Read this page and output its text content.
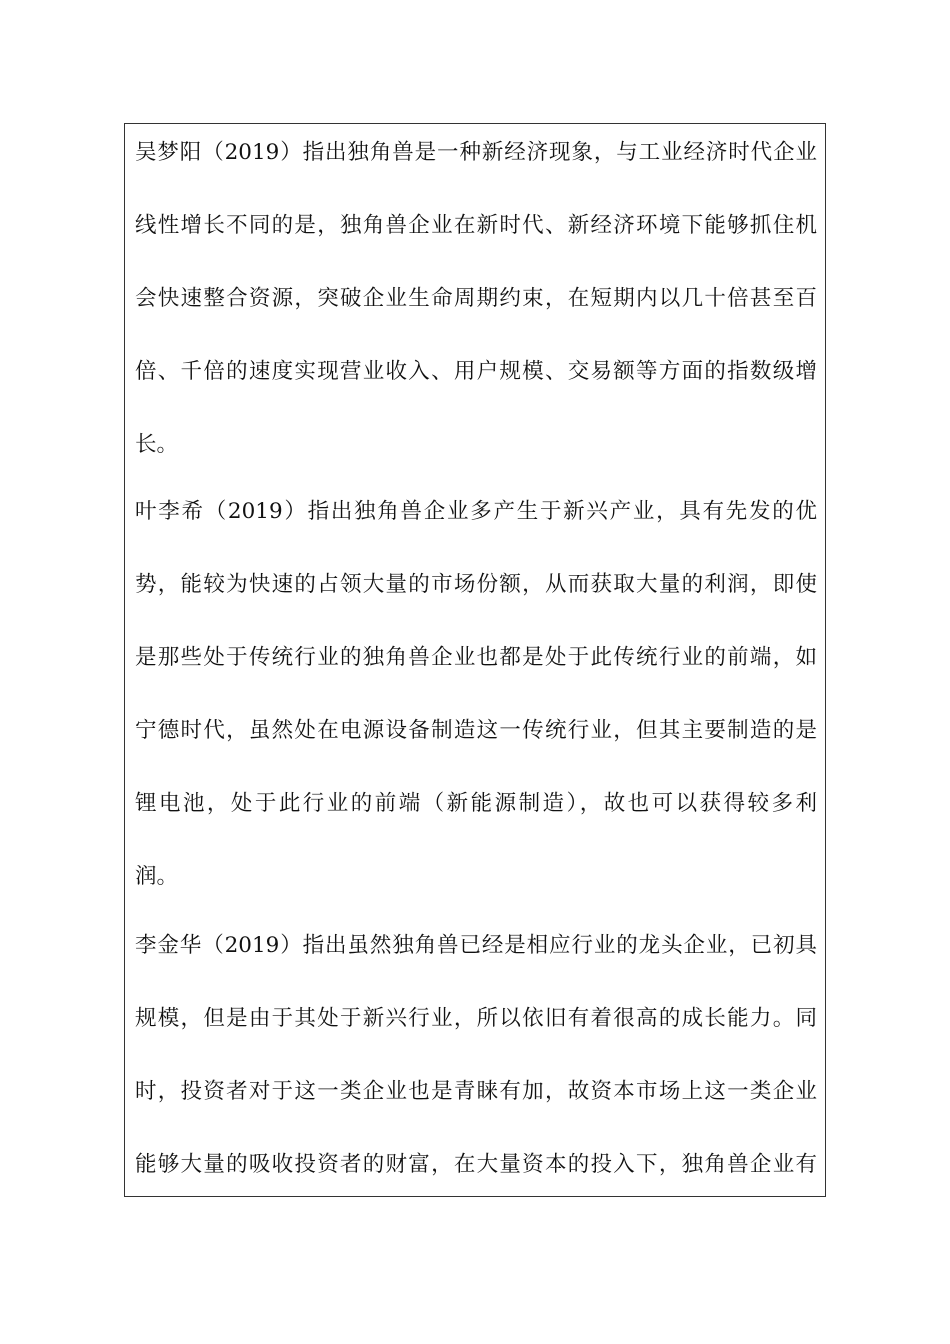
吴梦阳（2019）指出独角兽是一种新经济现象，与工业经济时代企业
线性增长不同的是，独角兽企业在新时代、新经济环境下能够抓住机
会快速整合资源，突破企业生命周期约束，在短期内以几十倍甚至百
倍、千倍的速度实现营业收入、用户规模、交易额等方面的指数级增
长。
叶李希（2019）指出独角兽企业多产生于新兴产业，具有先发的优
势，能较为快速的占领大量的市场份额，从而获取大量的利润，即使
是那些处于传统行业的独角兽企业也都是处于此传统行业的前端，如
宁德时代，虽然处在电源设备制造这一传统行业，但其主要制造的是
锂电池，处于此行业的前端（新能源制造），故也可以获得较多利
润。
李金华（2019）指出虽然独角兽已经是相应行业的龙头企业，已初具
规模，但是由于其处于新兴行业，所以依旧有着很高的成长能力。同
时，投资者对于这一类企业也是青睐有加，故资本市场上这一类企业
能够大量的吸收投资者的财富，在大量资本的投入下，独角兽企业有
